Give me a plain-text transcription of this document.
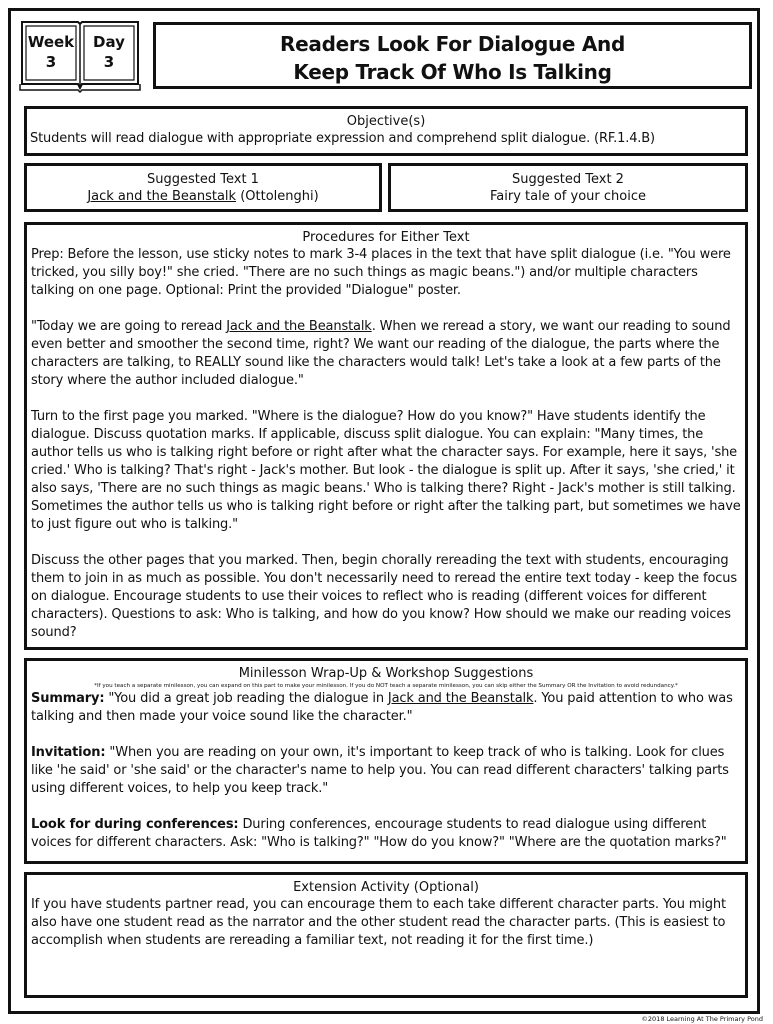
Week
3
Day
3
Readers Look For Dialogue And
Keep Track Of Who Is Talking
Objective(s)
Students will read dialogue with appropriate expression and comprehend split dialogue. (RF.1.4.B)
Suggested Text 1
Jack and the Beanstalk (Ottolenghi)
Suggested Text 2
Fairy tale of your choice
Procedures for Either Text

Prep: Before the lesson, use sticky notes to mark 3-4 places in the text that have split dialogue (i.e. "You were tricked, you silly boy!" she cried. "There are no such things as magic beans.") and/or multiple characters talking on one page. Optional: Print the provided "Dialogue" poster.

"Today we are going to reread Jack and the Beanstalk. When we reread a story, we want our reading to sound even better and smoother the second time, right? We want our reading of the dialogue, the parts where the characters are talking, to REALLY sound like the characters would talk! Let's take a look at a few parts of the story where the author included dialogue."

Turn to the first page you marked. "Where is the dialogue? How do you know?" Have students identify the dialogue. Discuss quotation marks. If applicable, discuss split dialogue. You can explain: "Many times, the author tells us who is talking right before or right after what the character says. For example, here it says, 'she cried.' Who is talking? That's right - Jack's mother. But look - the dialogue is split up. After it says, 'she cried,' it also says, 'There are no such things as magic beans.' Who is talking there? Right - Jack's mother is still talking. Sometimes the author tells us who is talking right before or right after the talking part, but sometimes we have to just figure out who is talking."

Discuss the other pages that you marked. Then, begin chorally rereading the text with students, encouraging them to join in as much as possible. You don't necessarily need to reread the entire text today - keep the focus on dialogue. Encourage students to use their voices to reflect who is reading (different voices for different characters). Questions to ask: Who is talking, and how do you know? How should we make our reading voices sound?

Minilesson Wrap-Up & Workshop Suggestions
*If you teach a separate minilesson, you can expand on this part to make your minilesson. If you do NOT teach a separate minilesson, you can skip either the Summary OR the Invitation to avoid redundancy.*

Summary: "You did a great job reading the dialogue in Jack and the Beanstalk. You paid attention to who was talking and then made your voice sound like the character."

Invitation: "When you are reading on your own, it's important to keep track of who is talking. Look for clues like 'he said' or 'she said' or the character's name to help you. You can read different characters' talking parts using different voices, to help you keep track."

Look for during conferences: During conferences, encourage students to read dialogue using different voices for different characters. Ask: "Who is talking?" "How do you know?" "Where are the quotation marks?"

Extension Activity (Optional)
If you have students partner read, you can encourage them to each take different character parts. You might also have one student read as the narrator and the other student read the character parts. (This is easiest to accomplish when students are rereading a familiar text, not reading it for the first time.)
©2018 Learning At The Primary Pond
